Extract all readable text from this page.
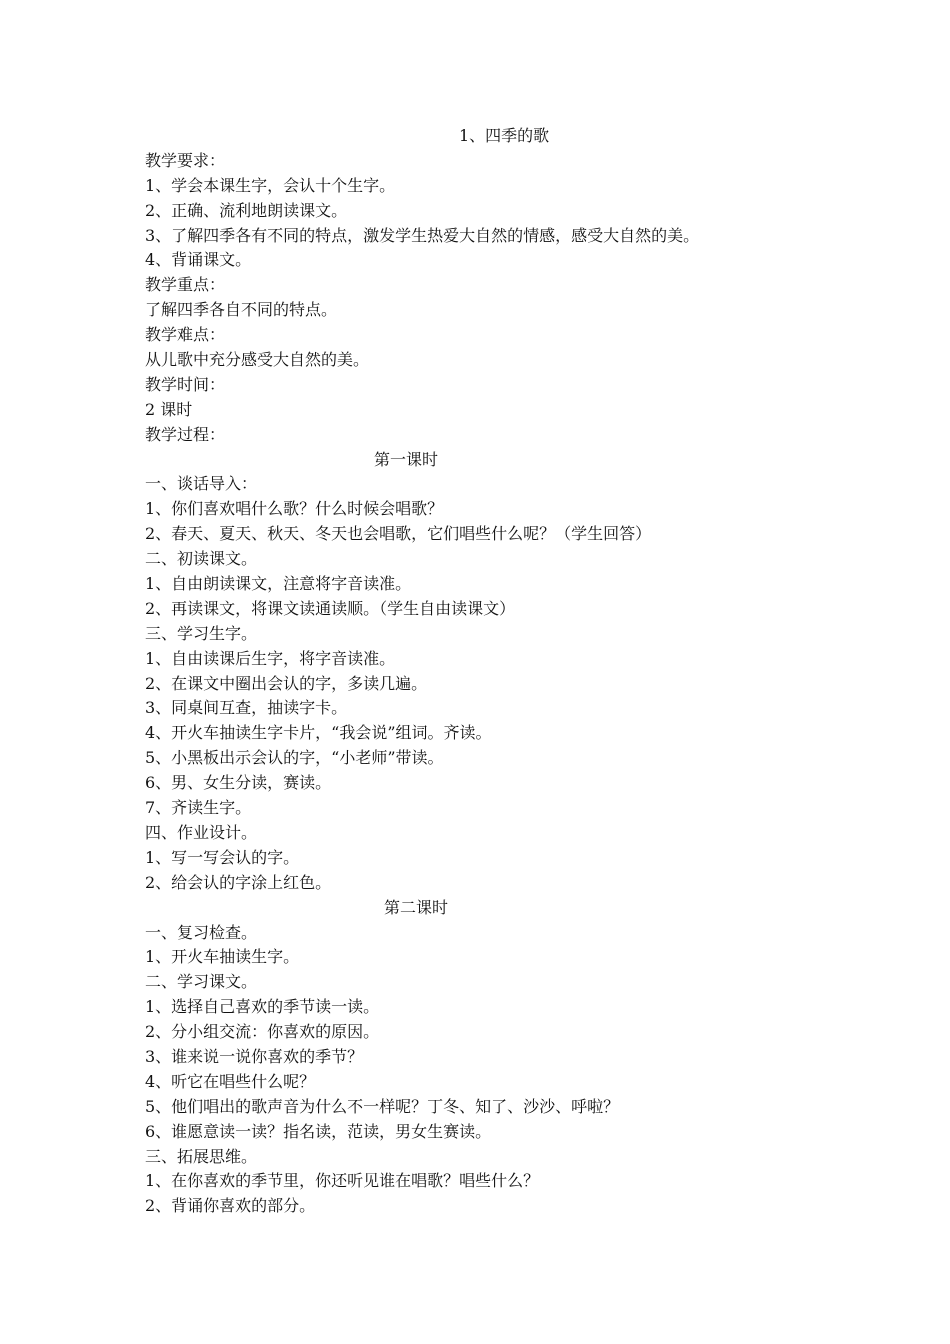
1、四季的歌
教学要求：
1、学会本课生字，会认十个生字。
2、正确、流利地朗读课文。
3、了解四季各有不同的特点，激发学生热爱大自然的情感，感受大自然的美。
4、背诵课文。
教学重点：
了解四季各自不同的特点。
教学难点：
从儿歌中充分感受大自然的美。
教学时间：
2 课时
教学过程：
第一课时
一、谈话导入：
1、你们喜欢唱什么歌？什么时候会唱歌？
2、春天、夏天、秋天、冬天也会唱歌，它们唱些什么呢？（学生回答）
二、初读课文。
1、自由朗读课文，注意将字音读准。
2、再读课文，将课文读通读顺。（学生自由读课文）
三、学习生字。
1、自由读课后生字，将字音读准。
2、在课文中圈出会认的字，多读几遍。
3、同桌间互查，抽读字卡。
4、开火车抽读生字卡片，“我会说”组词。齐读。
5、小黑板出示会认的字，“小老师”带读。
6、男、女生分读，赛读。
7、齐读生字。
四、作业设计。
1、写一写会认的字。
2、给会认的字涂上红色。
第二课时
一、复习检查。
1、开火车抽读生字。
二、学习课文。
1、选择自己喜欢的季节读一读。
2、分小组交流：你喜欢的原因。
3、谁来说一说你喜欢的季节？
4、听它在唱些什么呢？
5、他们唱出的歌声音为什么不一样呢？丁冬、知了、沙沙、呼啦？
6、谁愿意读一读？指名读，范读，男女生赛读。
三、拓展思维。
1、在你喜欢的季节里，你还听见谁在唱歌？唱些什么？
2、背诵你喜欢的部分。
